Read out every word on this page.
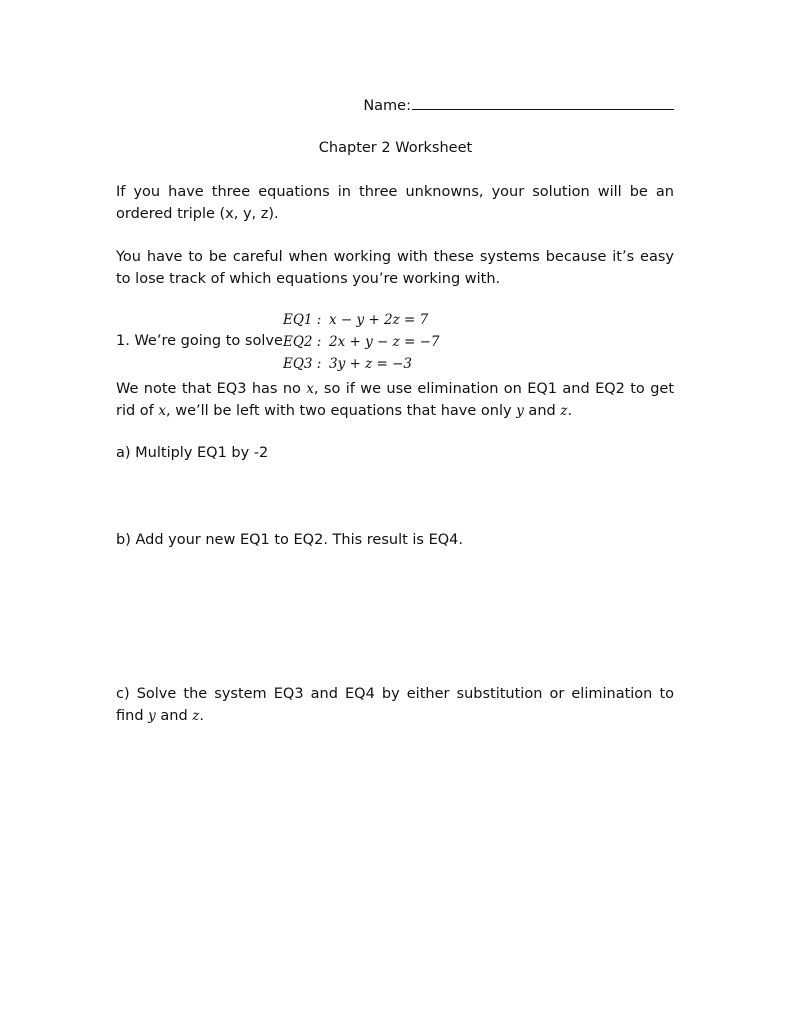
Name:
Chapter 2 Worksheet
If you have three equations in three unknowns, your solution will be an ordered triple (x, y, z).
You have to be careful when working with these systems because it’s easy to lose track of which equations you’re working with.
EQ1 : x − y + 2z = 7
EQ2 : 2x + y − z = −7
EQ3 : 3y + z = −3
1. We’re going to solve
We note that EQ3 has no x, so if we use elimination on EQ1 and EQ2 to get rid of x, we’ll be left with two equations that have only y and z.
a) Multiply EQ1 by -2
b) Add your new EQ1 to EQ2. This result is EQ4.
c) Solve the system EQ3 and EQ4 by either substitution or elimination to find y and z.
